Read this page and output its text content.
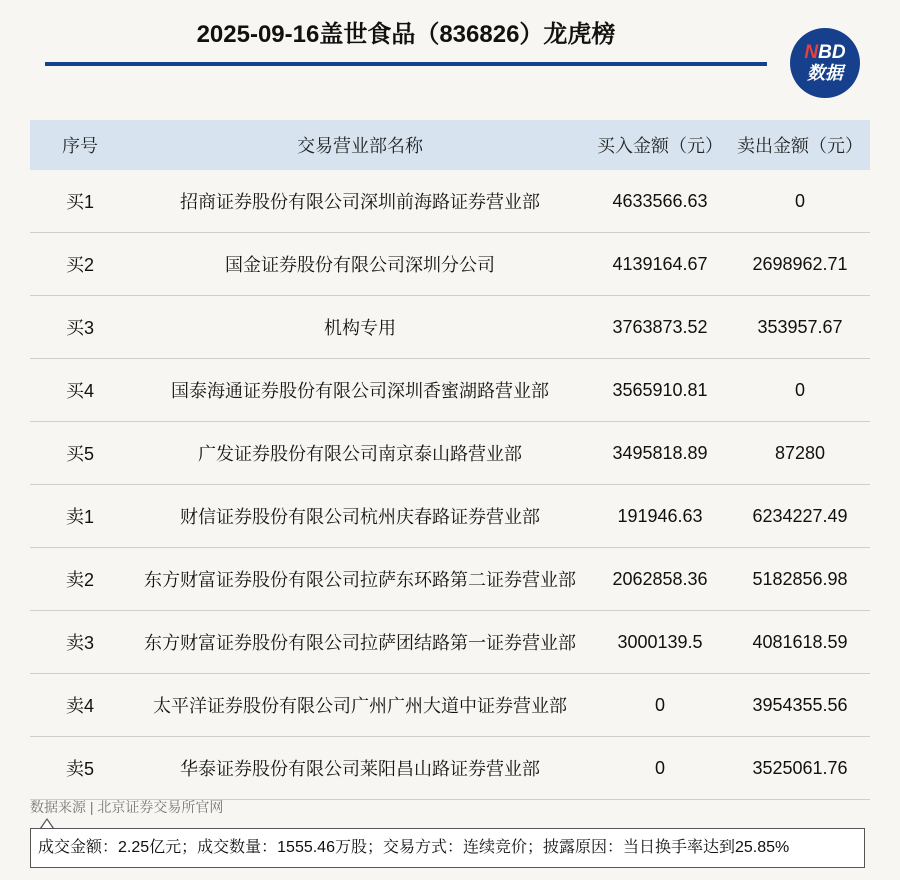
2025-09-16盖世食品（836826）龙虎榜
NBD
数据
序号	交易营业部名称	买入金额（元）	卖出金额（元）
买1	招商证券股份有限公司深圳前海路证券营业部	4633566.63	0
买2	国金证券股份有限公司深圳分公司	4139164.67	2698962.71
买3	机构专用	3763873.52	353957.67
买4	国泰海通证券股份有限公司深圳香蜜湖路营业部	3565910.81	0
买5	广发证券股份有限公司南京泰山路营业部	3495818.89	87280
卖1	财信证券股份有限公司杭州庆春路证券营业部	191946.63	6234227.49
卖2	东方财富证券股份有限公司拉萨东环路第二证券营业部	2062858.36	5182856.98
卖3	东方财富证券股份有限公司拉萨团结路第一证券营业部	3000139.5	4081618.59
卖4	太平洋证券股份有限公司广州广州大道中证券营业部	0	3954355.56
卖5	华泰证券股份有限公司莱阳昌山路证券营业部	0	3525061.76
数据来源 | 北京证券交易所官网
成交金额：2.25亿元；成交数量：1555.46万股；交易方式：连续竞价；披露原因：当日换手率达到25.85%
